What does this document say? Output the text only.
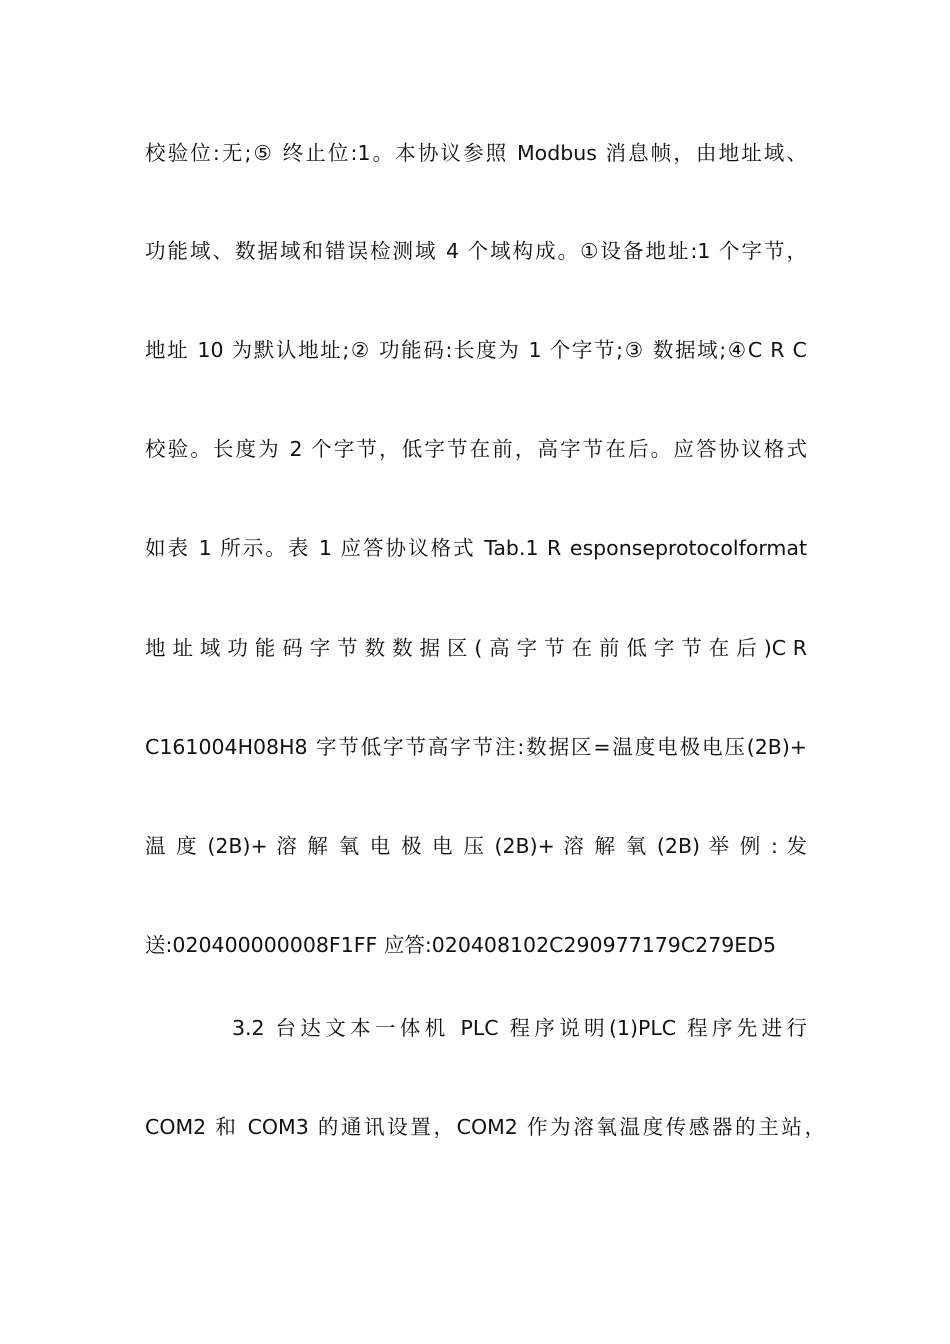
校验位:无;⑤ 终止位:1。本协议参照 Modbus 消息帧，由地址域、
功能域、数据域和错误检测域 4 个域构成。①设备地址:1 个字节，
地址 10 为默认地址;② 功能码:长度为 1 个字节;③ 数据域;④C R C
校验。长度为 2 个字节，低字节在前，高字节在后。应答协议格式
如表 1 所示。表 1 应答协议格式 Tab.1 R esponseprotocolformat
地 址 域 功 能 码 字 节 数 数 据 区 ( 高 字 节 在 前 低 字 节 在 后 )C R
C161004H08H8 字节低字节高字节注:数据区=温度电极电压(2B)+
温 度 (2B)+ 溶 解 氧 电 极 电 压 (2B)+ 溶 解 氧 (2B) 举 例 : 发
送:020400000008F1FF 应答:020408102C290977179C279ED5
3.2 台达文本一体机 PLC 程序说明(1)PLC 程序先进行
COM2 和 COM3 的通讯设置，COM2 作为溶氧温度传感器的主站，
